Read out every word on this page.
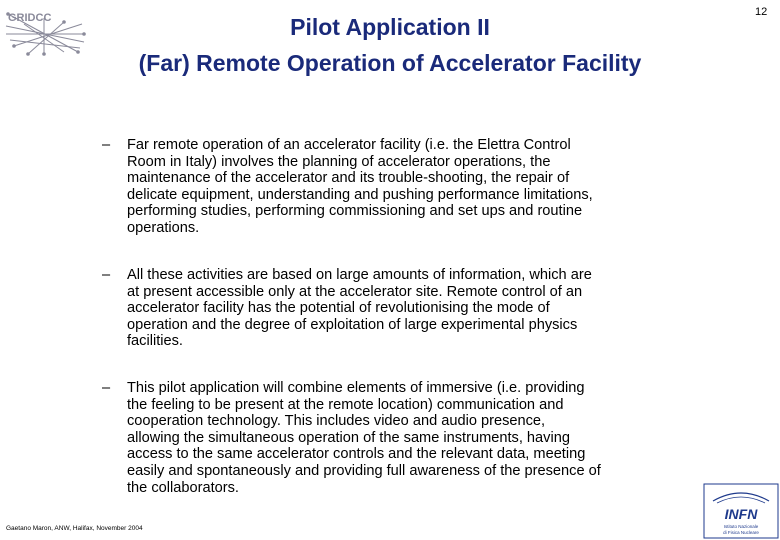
GRIDCC	Pilot Application II
(Far) Remote Operation of Accelerator Facility
12
–	Far remote operation of an accelerator facility (i.e. the Elettra Control
Room in Italy) involves the planning of accelerator operations, the
maintenance of the accelerator and its trouble-shooting, the repair of
delicate equipment, understanding and pushing performance limitations,
performing studies, performing commissioning and set ups and routine
operations.
–	All these activities are based on large amounts of information, which are
at present accessible only at the accelerator site. Remote control of an
accelerator facility has the potential of revolutionising the mode of
operation and the degree of exploitation of large experimental physics
facilities.
–	This pilot application will combine elements of immersive (i.e. providing
the feeling to be present at the remote location) communication and
cooperation technology. This includes video and audio presence,
allowing the simultaneous operation of the same instruments, having
access to the same accelerator controls and the relevant data, meeting
easily and spontaneously and providing full awareness of the presence of
the collaborators.
Gaetano Maron, ANW, Halifax, November 2004
INFN
Istituto Nazionale
di Fisica Nucleare
